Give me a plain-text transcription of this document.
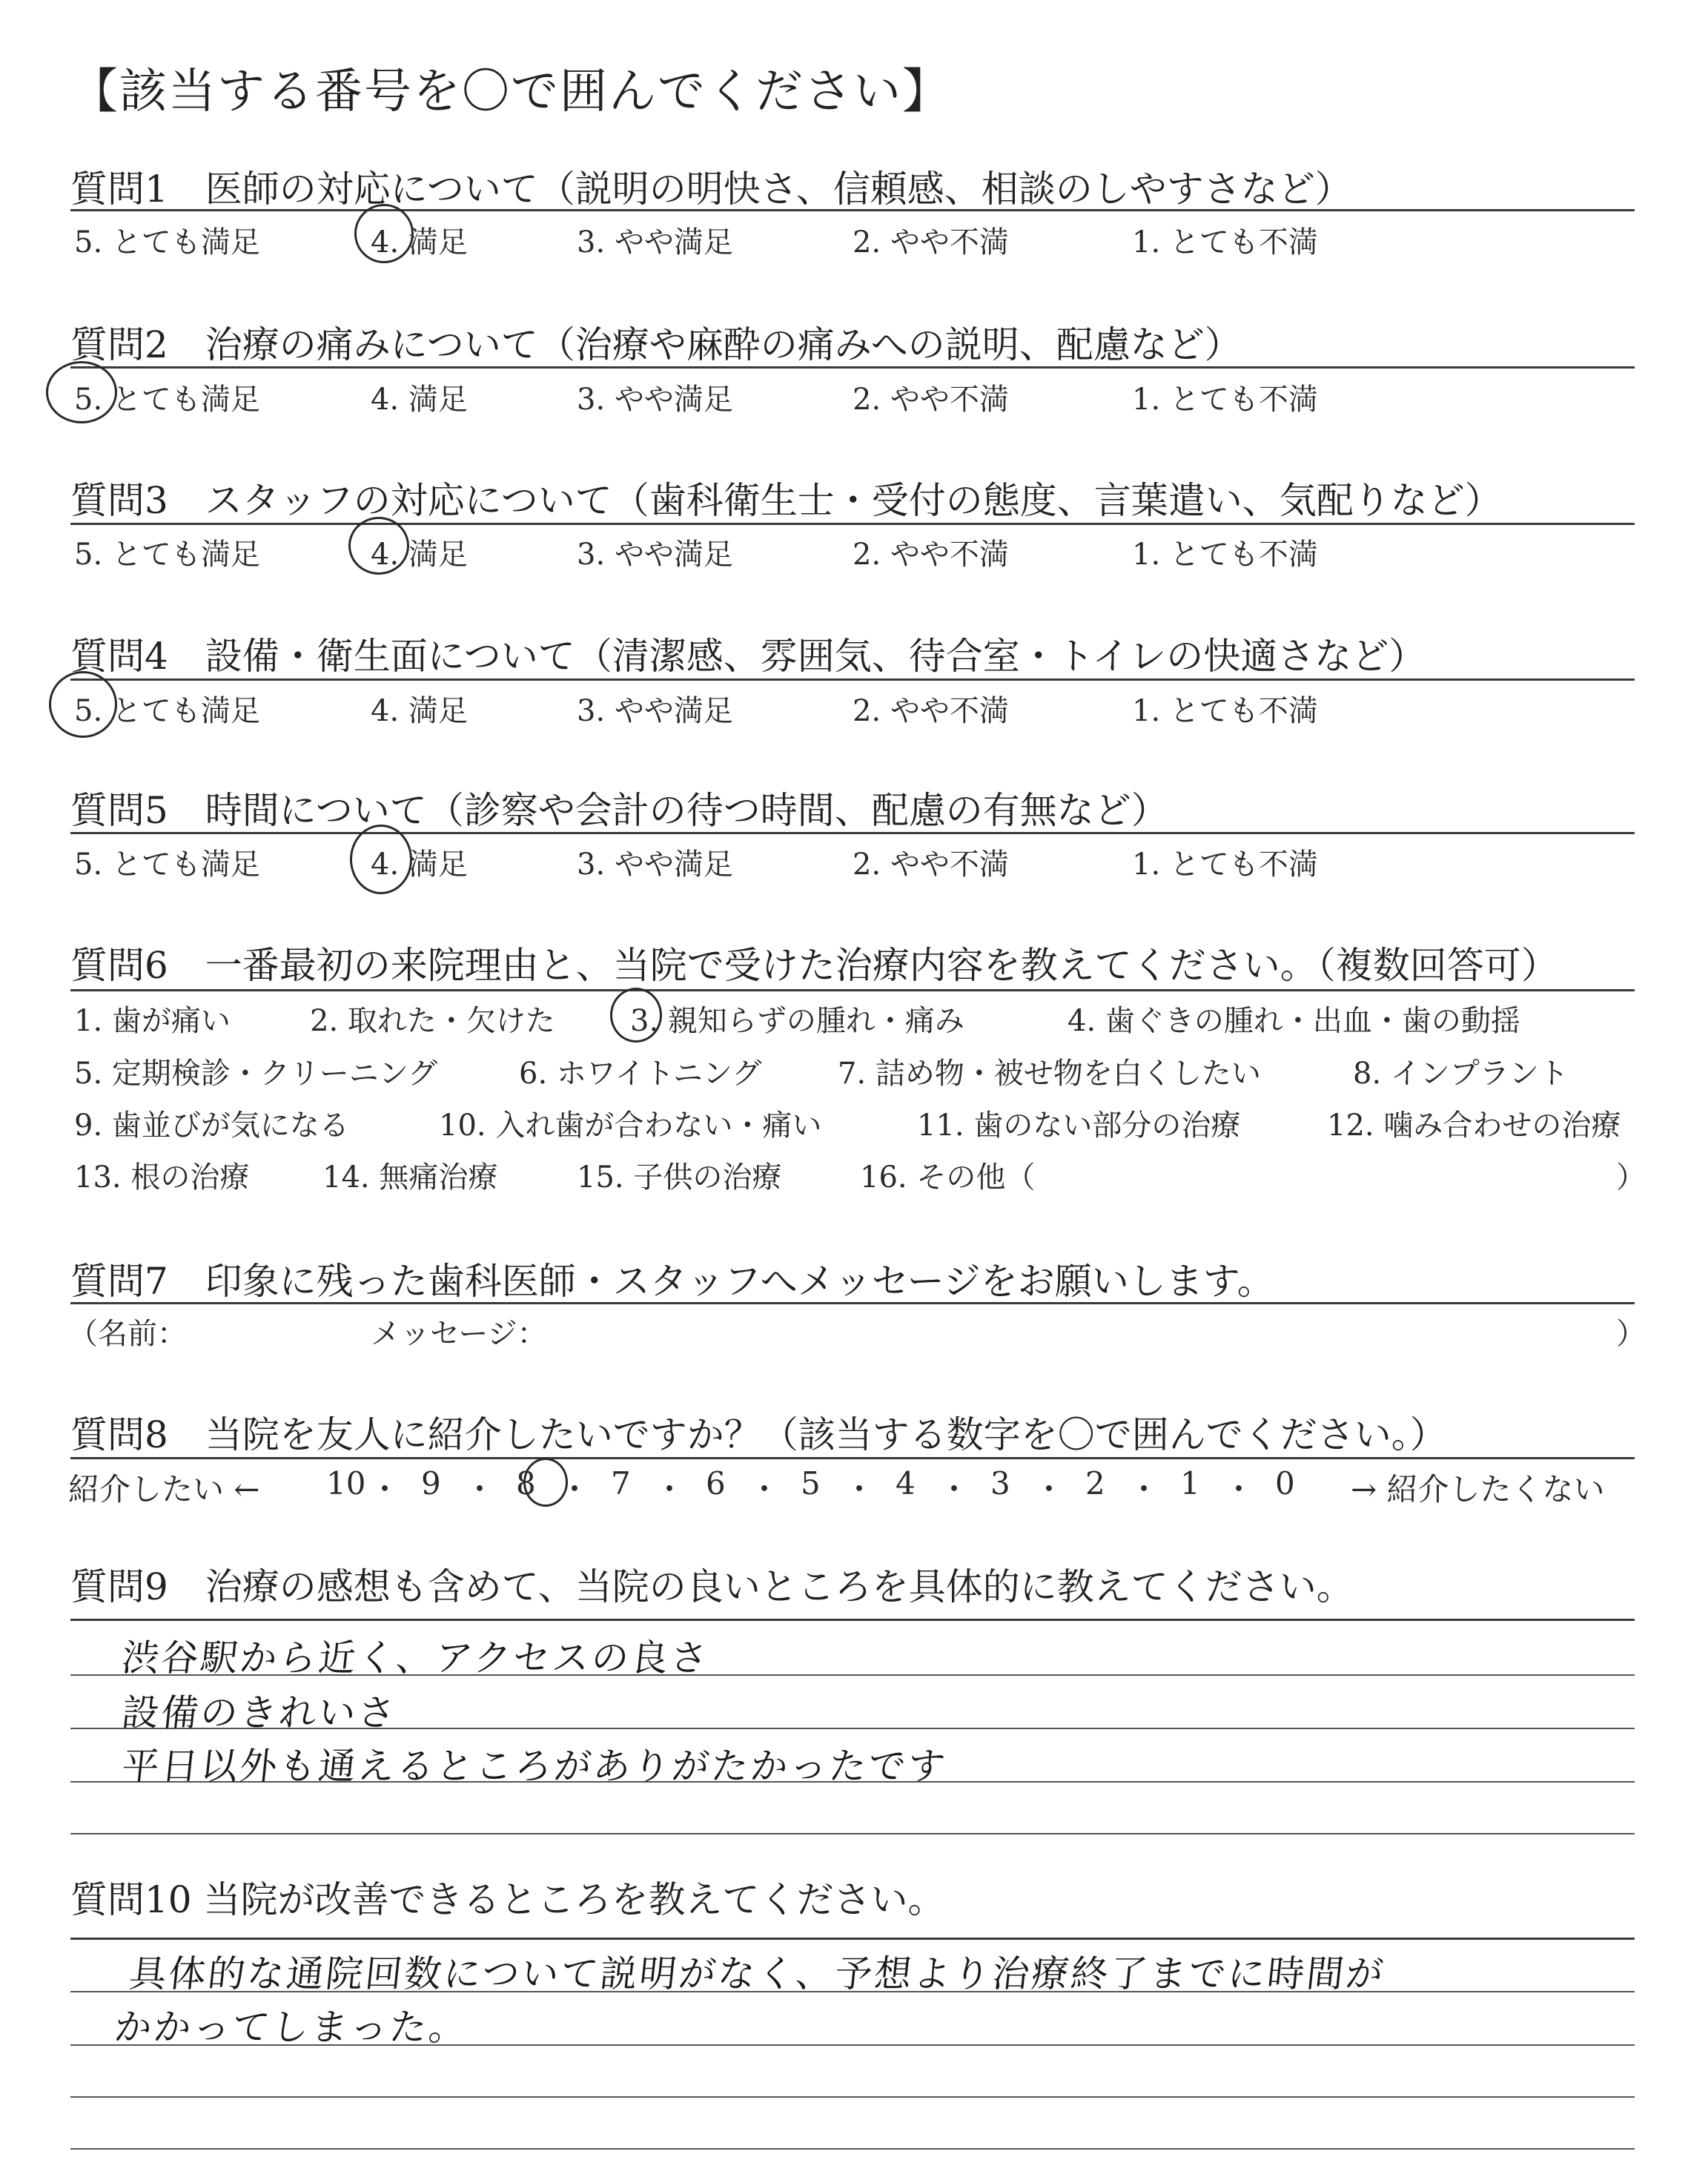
【該当する番号を〇で囲んでください】
質問1　医師の対応について（説明の明快さ、信頼感、相談のしやすさなど）
5. とても満足	4. 満足	3. やや満足	2. やや不満	1. とても不満
質問2　治療の痛みについて（治療や麻酔の痛みへの説明、配慮など）
5. とても満足	4. 満足	3. やや満足	2. やや不満	1. とても不満
質問3　スタッフの対応について（歯科衛生士・受付の態度、言葉遣い、気配りなど）
5. とても満足	4. 満足	3. やや満足	2. やや不満	1. とても不満
質問4　設備・衛生面について（清潔感、雰囲気、待合室・トイレの快適さなど）
5. とても満足	4. 満足	3. やや満足	2. やや不満	1. とても不満
質問5　時間について（診察や会計の待つ時間、配慮の有無など）
5. とても満足	4. 満足	3. やや満足	2. やや不満	1. とても不満
質問6　一番最初の来院理由と、当院で受けた治療内容を教えてください。（複数回答可）
1. 歯が痛い	2. 取れた・欠けた	3. 親知らずの腫れ・痛み	4. 歯ぐきの腫れ・出血・歯の動揺
5. 定期検診・クリーニング	6. ホワイトニング	7. 詰め物・被せ物を白くしたい	8. インプラント
9. 歯並びが気になる	10. 入れ歯が合わない・痛い	11. 歯のない部分の治療	12. 噛み合わせの治療
13. 根の治療 14. 無痛治療	15. 子供の治療	16. その他（	）
質問7　印象に残った歯科医師・スタッフへメッセージをお願いします。
（名前：	メッセージ：	）
質問8　当院を友人に紹介したいですか？（該当する数字を〇で囲んでください。）
紹介したい ← 10 ・ 9 ・ 8 ・ 7 ・ 6 ・ 5 ・ 4 ・ 3 ・ 2 ・ 1 ・ 0 → 紹介したくない
質問9　治療の感想も含めて、当院の良いところを具体的に教えてください。
渋谷駅から近く、アクセスの良さ
設備のきれいさ
平日以外も通えるところがありがたかったです
質問10 当院が改善できるところを教えてください。
具体的な通院回数について説明がなく、予想より治療終了までに時間が
かかってしまった。
